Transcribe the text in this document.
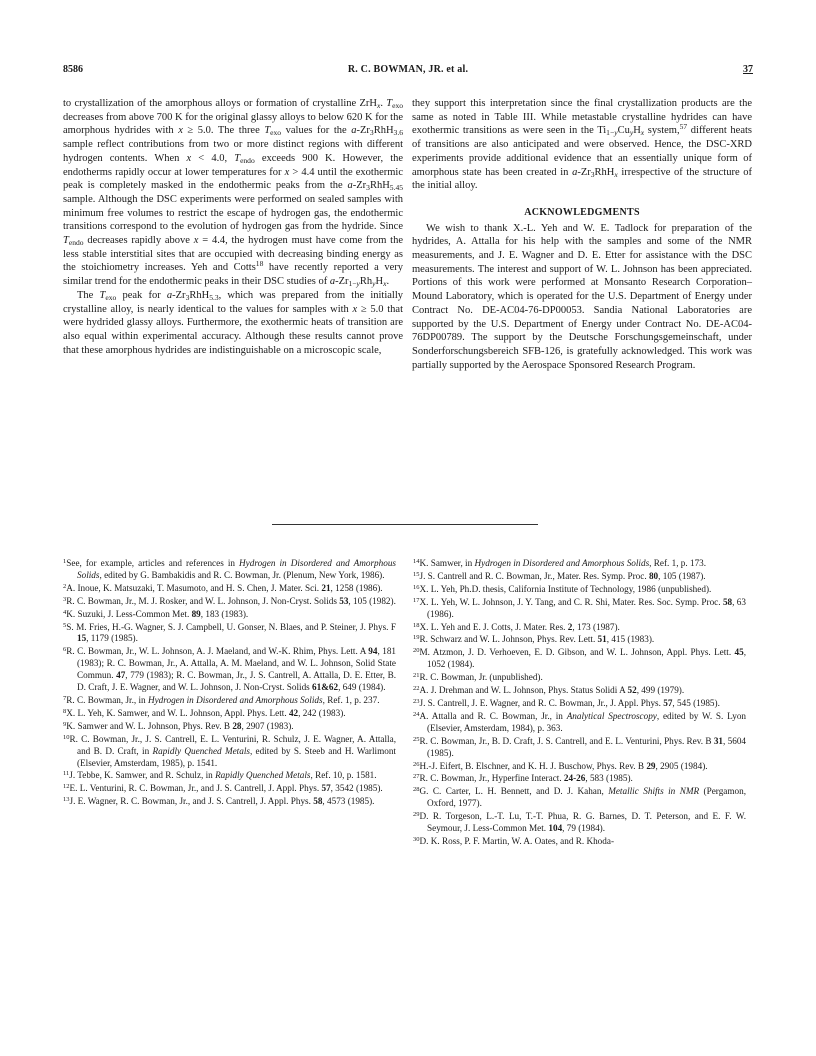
8586	R. C. BOWMAN, JR. et al.	37

to crystallization of the amorphous alloys or formation of crystalline ZrH$_x$. $T_{exo}$ decreases from above 700 K for the original glassy alloys to below 620 K for the amorphous hydrides with x ≥ 5.0. The three $T_{exo}$ values for the $a-Zr_3RhH_{3.6}$ sample reflect contributions from two or more distinct regions with different hydrogen contents. When x < 4.0, $T_{endo}$ exceeds 900 K. However, the endotherms rapidly occur at lower temperatures for x > 4.4 until the exothermic peak is completely masked in the endothermic peaks from the $a-Zr_3RhH_{5.45}$ sample. Although the DSC experiments were performed on sealed samples with minimum free volumes to restrict the escape of hydrogen gas, the endothermic transitions correspond to the evolution of hydrogen gas from the hydride. Since $T_{endo}$ decreases rapidly above x = 4.4, the hydrogen must have come from the less stable interstitial sites that are occupied with decreasing binding energy as the stoichiometry increases. Yeh and Cotts$^{18}$ have recently reported a very similar trend for the endothermic peaks in their DSC studies of $a-Zr_{1-y}Rh_yH_x$.

The $T_{exo}$ peak for $a-Zr_3RhH_{5.3}$, which was prepared from the initially crystalline alloy, is nearly identical to the values for samples with x ≥ 5.0 that were hydrided glassy alloys. Furthermore, the exothermic heats of transition are also equal within experimental accuracy. Although these results cannot prove that these amorphous hydrides are indistinguishable on a microscopic scale,

they support this interpretation since the final crystallization products are the same as noted in Table III. While metastable crystalline hydrides can have exothermic transitions as were seen in the $Ti_{1-y}Cu_yH_x$ system,$^{57}$ different heats of transitions are also anticipated and were observed. Hence, the DSC-XRD experiments provide additional evidence that an essentially unique form of amorphous state has been created in $a-Zr_3RhH_x$ irrespective of the structure of the initial alloy.

ACKNOWLEDGMENTS

We wish to thank X.-L. Yeh and W. E. Tadlock for preparation of the hydrides, A. Attalla for his help with the samples and some of the NMR measurements, and J. E. Wagner and D. E. Etter for assistance with the DSC measurements. The interest and support of W. L. Johnson has been appreciated. Portions of this work were performed at Monsanto Research Corporation–Mound Laboratory, which is operated for the U.S. Department of Energy under Contract No. DE-AC04-76-DP00053. Sandia National Laboratories are supported by the U.S. Department of Energy under Contract No. DE-AC04-76DP00789. The support by the Deutsche Forschungsgemeinschaft, under Sonderforschungsbereich SFB-126, is gratefully acknowledged. This work was partially supported by the Aerospace Sponsored Research Program.

$^1$See, for example, articles and references in Hydrogen in Disordered and Amorphous Solids, edited by G. Bambakidis and R. C. Bowman, Jr. (Plenum, New York, 1986).
$^2$A. Inoue, K. Matsuzaki, T. Masumoto, and H. S. Chen, J. Mater. Sci. 21, 1258 (1986).
$^3$R. C. Bowman, Jr., M. J. Rosker, and W. L. Johnson, J. Non-Cryst. Solids 53, 105 (1982).
$^4$K. Suzuki, J. Less-Common Met. 89, 183 (1983).
$^5$S. M. Fries, H.-G. Wagner, S. J. Campbell, U. Gonser, N. Blaes, and P. Steiner, J. Phys. F 15, 1179 (1985).
$^6$R. C. Bowman, Jr., W. L. Johnson, A. J. Maeland, and W.-K. Rhim, Phys. Lett. A 94, 181 (1983); R. C. Bowman, Jr., A. Attalla, A. M. Maeland, and W. L. Johnson, Solid State Commun. 47, 779 (1983); R. C. Bowman, Jr., J. S. Cantrell, A. Attalla, D. E. Etter, B. D. Craft, J. E. Wagner, and W. L. Johnson, J. Non-Cryst. Solids 61&62, 649 (1984).
$^7$R. C. Bowman, Jr., in Hydrogen in Disordered and Amorphous Solids, Ref. 1, p. 237.
$^8$X. L. Yeh, K. Samwer, and W. L. Johnson, Appl. Phys. Lett. 42, 242 (1983).
$^9$K. Samwer and W. L. Johnson, Phys. Rev. B 28, 2907 (1983).
$^{10}$R. C. Bowman, Jr., J. S. Cantrell, E. L. Venturini, R. Schulz, J. E. Wagner, A. Attalla, and B. D. Craft, in Rapidly Quenched Metals, edited by S. Steeb and H. Warlimont (Elsevier, Amsterdam, 1985), p. 1541.
$^{11}$J. Tebbe, K. Samwer, and R. Schulz, in Rapidly Quenched Metals, Ref. 10, p. 1581.
$^{12}$E. L. Venturini, R. C. Bowman, Jr., and J. S. Cantrell, J. Appl. Phys. 57, 3542 (1985).
$^{13}$J. E. Wagner, R. C. Bowman, Jr., and J. S. Cantrell, J. Appl. Phys. 58, 4573 (1985).
$^{14}$K. Samwer, in Hydrogen in Disordered and Amorphous Solids, Ref. 1, p. 173.
$^{15}$J. S. Cantrell and R. C. Bowman, Jr., Mater. Res. Symp. Proc. 80, 105 (1987).
$^{16}$X. L. Yeh, Ph.D. thesis, California Institute of Technology, 1986 (unpublished).
$^{17}$X. L. Yeh, W. L. Johnson, J. Y. Tang, and C. R. Shi, Mater. Res. Soc. Symp. Proc. 58, 63 (1986).
$^{18}$X. L. Yeh and E. J. Cotts, J. Mater. Res. 2, 173 (1987).
$^{19}$R. Schwarz and W. L. Johnson, Phys. Rev. Lett. 51, 415 (1983).
$^{20}$M. Atzmon, J. D. Verhoeven, E. D. Gibson, and W. L. Johnson, Appl. Phys. Lett. 45, 1052 (1984).
$^{21}$R. C. Bowman, Jr. (unpublished).
$^{22}$A. J. Drehman and W. L. Johnson, Phys. Status Solidi A 52, 499 (1979).
$^{23}$J. S. Cantrell, J. E. Wagner, and R. C. Bowman, Jr., J. Appl. Phys. 57, 545 (1985).
$^{24}$A. Attalla and R. C. Bowman, Jr., in Analytical Spectroscopy, edited by W. S. Lyon (Elsevier, Amsterdam, 1984), p. 363.
$^{25}$R. C. Bowman, Jr., B. D. Craft, J. S. Cantrell, and E. L. Venturini, Phys. Rev. B 31, 5604 (1985).
$^{26}$H.-J. Eifert, B. Elschner, and K. H. J. Buschow, Phys. Rev. B 29, 2905 (1984).
$^{27}$R. C. Bowman, Jr., Hyperfine Interact. 24-26, 583 (1985).
$^{28}$G. C. Carter, L. H. Bennett, and D. J. Kahan, Metallic Shifts in NMR (Pergamon, Oxford, 1977).
$^{29}$D. R. Torgeson, L.-T. Lu, T.-T. Phua, R. G. Barnes, D. T. Peterson, and E. F. W. Seymour, J. Less-Common Met. 104, 79 (1984).
$^{30}$D. K. Ross, P. F. Martin, W. A. Oates, and R. Khoda-
